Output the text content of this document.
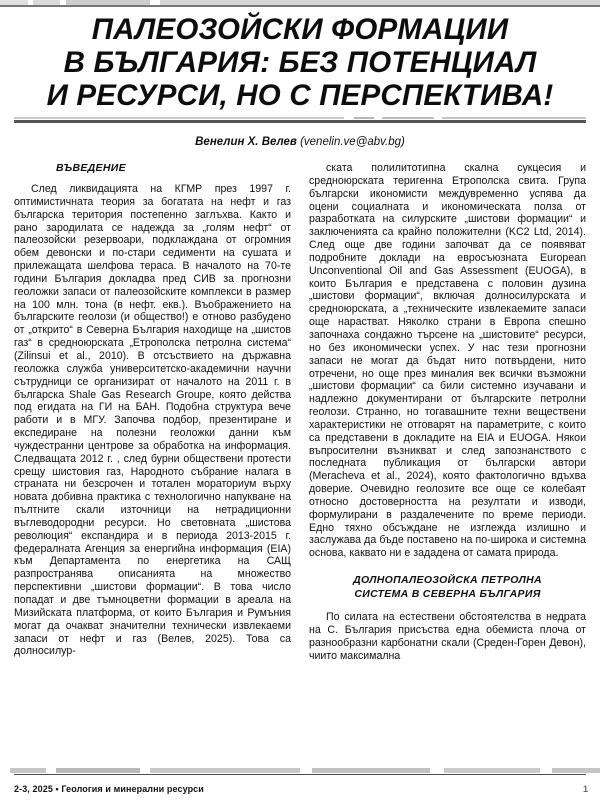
ПАЛЕОЗОЙСКИ ФОРМАЦИИ
В БЪЛГАРИЯ: БЕЗ ПОТЕНЦИАЛ
И РЕСУРСИ, НО С ПЕРСПЕКТИВА!
Венелин Х. Велев (venelin.ve@abv.bg)
ВЪВЕДЕНИЕ

След ликвидацията на КГМР през 1997 г. оптимистичната теория за богатата на нефт и газ българска територия постепенно заглъхва. Както и рано зародилата се надежда за „голям нефт“ от палеозойски резервоари, подклаждана от огромния обем девонски и по-стари седименти на сушата и прилежащата шелфова тераса. В началото на 70-те години България докладва пред СИВ за прогнозни геоложки запаси от палеозойските комплекси в размер на 100 млн. тона (в нефт. екв.). Въображението на българските геолози (и общество!) е отново разбудено от „открито“ в Северна България находище на „шистов газ“ в средноюрската „Етрополска петролна система“ (Zilinsui et al., 2010). В отсъствието на държавна геоложка служба университетско-академични научни сътрудници се организират от началото на 2011 г. в българска Shale Gas Research Groupe, която действа под егидата на ГИ на БАН. Подобна структура вече работи и в МГУ. Започва подбор, презентиране и експедиране на полезни геоложки данни към чуждестранни центрове за обработка на информация. Следващата 2012 г. , след бурни обществени протести срещу шистовия газ, Народното събрание налага в страната ни безсрочен и тотален мораториум върху новата добивна практика с технологично напукване на пълтните скали източници на нетрадиционни въглеводородни ресурси. Но световната „шистова революция“ експандира и в периода 2013-2015 г. федералната Агенция за енергийна информация (EIA) към Департамента по енергетика на САЩ разпространява описанията на множество перспективни „шистови формации“. В това число попадат и две тъмноцветни формации в ареала на Мизийската платформа, от които България и Румъния могат да очакват значителни технически извлекаеми запаси от нефт и газ (Велев, 2025). Това са долносилур-

ската полилитотипна скална сукцесия и средноюрската теригенна Етрополска свита. Група български икономисти междувременно успява да оцени социалната и икономическата полза от разработката на силурските „шистови формации“ и заключенията са крайно положителни (KC2 Ltd, 2014). След още две години започват да се появяват подробните доклади на евросъюзната European Unconventional Oil and Gas Assessment (EUOGA), в които България е представена с половин дузина „шистови формации“, включая долносилурската и средноюрската, а „техническите извлекаемите запаси още нарастват. Няколко страни в Европа спешно започнаха сондажно търсене на „шистовите“ ресурси, но без икономически успех. У нас тези прогнозни запаси не могат да бъдат нито потвърдени, нито отречени, но още през миналия век всички възможни „шистови формации“ са били системно изучавани и надлежно документирани от българските петролни геолози. Странно, но тогавашните техни веществени характеристики не отговарят на параметрите, с които са представени в докладите на EIA и EUOGA. Някои въпросителни възникват и след запознанството с последната публикация от български автори (Meracheva et al., 2024), която фактологично вдъхва доверие. Очевидно геолозите все още се колебаят относно достоверността на резултати и изводи, формулирани в раздалечените по време периоди. Едно тяхно обсъждане не изглежда излишно и заслужава да бъде поставено на по-широка и системна основа, каквато ни е зададена от самата природа.

ДОЛНОПАЛЕОЗОЙСКА ПЕТРОЛНА
СИСТЕМА В СЕВЕРНА БЪЛГАРИЯ

По силата на естествени обстоятелства в недрата на С. България присъства една обемиста плоча от разнообразни карбонатни скали (Среден-Горен Девон), чиито максимална

2-3, 2025 • Геология и минерални ресурси	1
